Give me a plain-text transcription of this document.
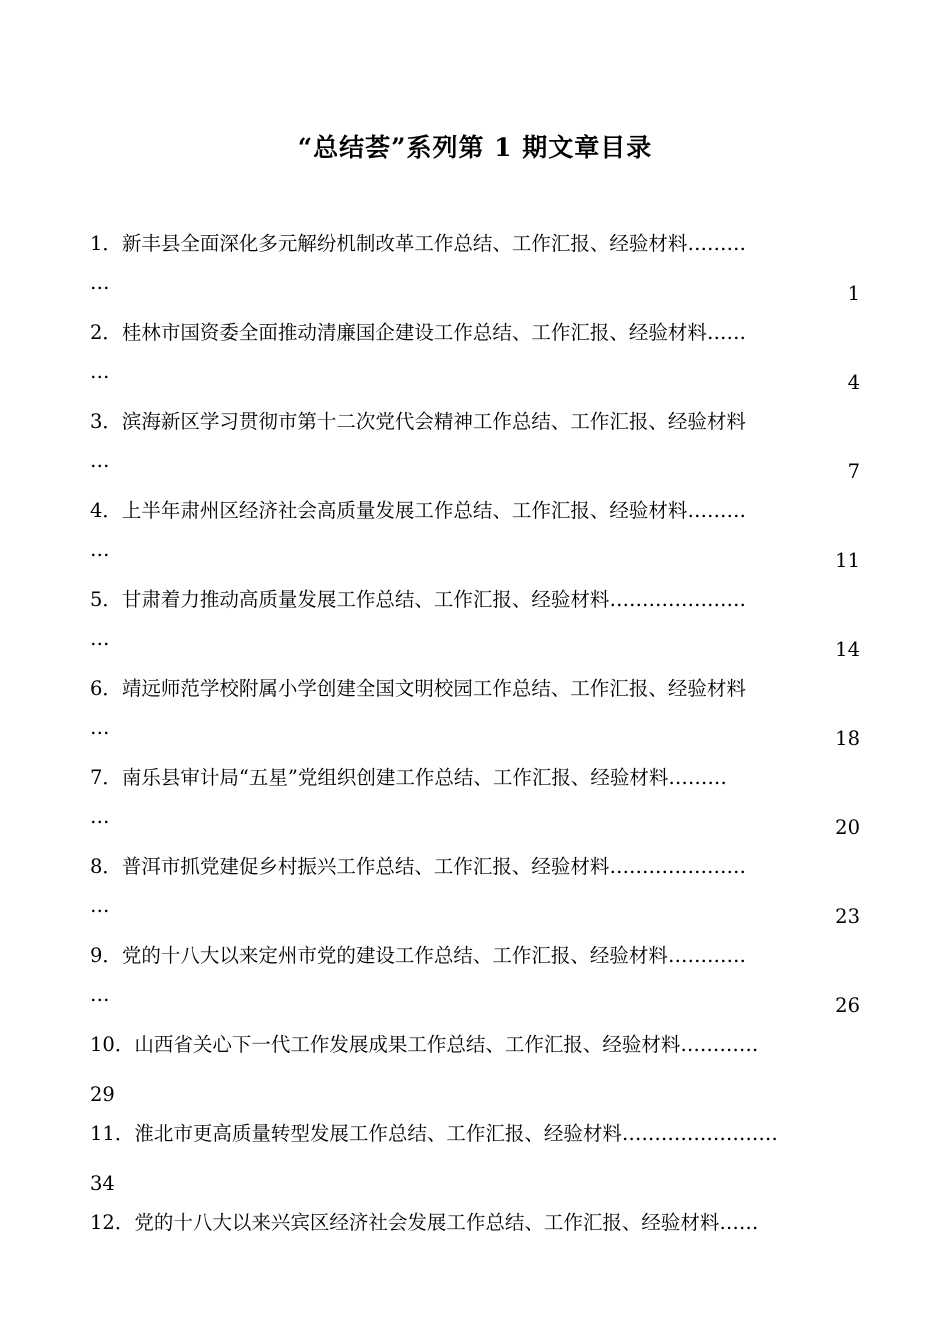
“总结荟”系列第 1 期文章目录
1．新丰县全面深化多元解纷机制改革工作总结、工作汇报、经验材料………
…	1
2．桂林市国资委全面推动清廉国企建设工作总结、工作汇报、经验材料……
…	4
3．滨海新区学习贯彻市第十二次党代会精神工作总结、工作汇报、经验材料
…	7
4．上半年肃州区经济社会高质量发展工作总结、工作汇报、经验材料………
…	11
5．甘肃着力推动高质量发展工作总结、工作汇报、经验材料…………………
…	14
6．靖远师范学校附属小学创建全国文明校园工作总结、工作汇报、经验材料
…	18
7．南乐县审计局“五星”党组织创建工作总结、工作汇报、经验材料………
…	20
8．普洱市抓党建促乡村振兴工作总结、工作汇报、经验材料…………………
…	23
9．党的十八大以来定州市党的建设工作总结、工作汇报、经验材料…………
…	26
10．山西省关心下一代工作发展成果工作总结、工作汇报、经验材料…………
29
11．淮北市更高质量转型发展工作总结、工作汇报、经验材料……………………
34
12．党的十八大以来兴宾区经济社会发展工作总结、工作汇报、经验材料……
